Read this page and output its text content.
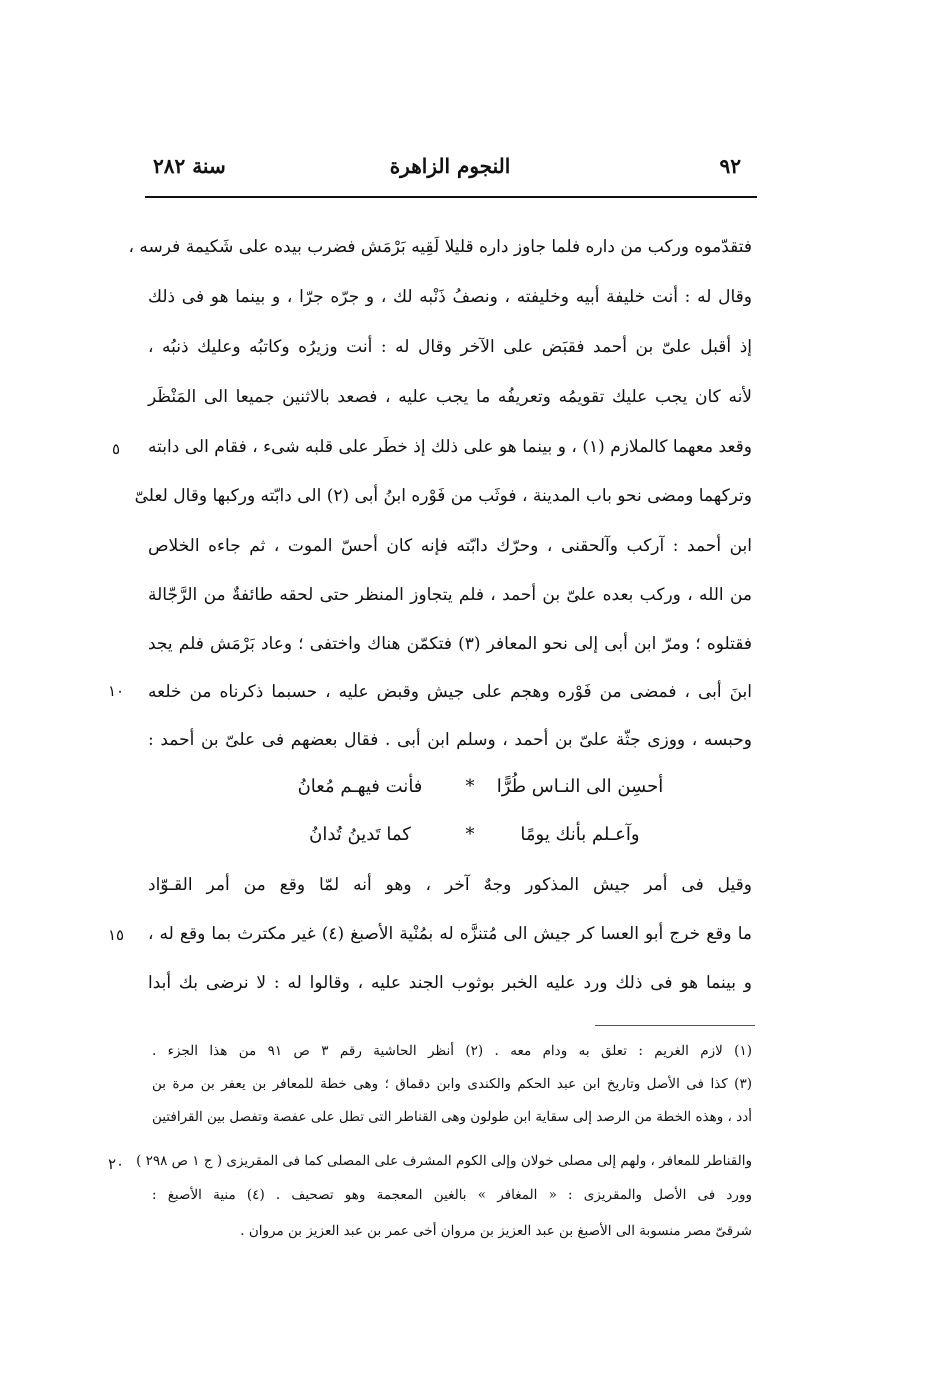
سنة ٢٨٢	النجوم الزاهرة	٩٢
فتقدّموه وركب من داره فلما جاوز داره قليلا لَقِيه بَرْمَش فضرب بيده على شَكيمة فرسه ،
وقال له : أنت خليفة أبيه وخليفته ، ونصفُ ذَنْبه لك ، و جرّه جرّا ، و بينما هو فى ذلك
إذ أقبل علىّ بن أحمد فقبَض على الآخر وقال له : أنت وزيرُه وكاتبُه وعليك ذنبُه ،
لأنه كان يجب عليك تقويمُه وتعريفُه ما يجب عليه ، فصعد بالاثنين جميعا الى المَنْظَر
وقعد معهما كالملازم (١) ، و بينما هو على ذلك إذ خطَر على قلبه شىء ، فقام الى دابته
وتركهما ومضى نحو باب المدينة ، فوثَب من فَوْره ابنُ أبى (٢) الى دابّته وركبها وقال لعلىّ
ابن أحمد : آركب وآلحقنى ، وحرّك دابّته فإنه كان أحسّ الموت ، ثم جاءه الخلاص
من الله ، وركب بعده علىّ بن أحمد ، فلم يتجاوز المنظر حتى لحقه طائفةٌ من الرَّجّالة
فقتلوه ؛ ومرّ ابن أبى إلى نحو المعافر (٣) فتكمّن هناك واختفى ؛ وعاد بَرْمَش فلم يجد
ابنَ أبى ، فمضى من فَوْره وهجم على جيش وقبض عليه ، حسبما ذكرناه من خلعه
وحبسه ، ووزى جثّة علىّ بن أحمد ، وسلم ابن أبى . فقال بعضهم فى علىّ بن أحمد :
أحسِن الى النـاس طُرًّا*فأنت فيهـم مُعانُ
وآعـلم بأنك يومًا*كما تَدينُ تُدانُ
وقيل فى أمر جيش المذكور وجهٌ آخر ، وهو أنه لمّا وقع من أمر القـوّاد
ما وقع خرج أبو العسا كر جيش الى مُتنزَّه له بمُنْية الأصبغ (٤) غير مكترث بما وقع له ،
و بينما هو فى ذلك ورد عليه الخبر بوثوب الجند عليه ، وقالوا له : لا نرضى بك أبدا
٥
١٠
١٥
٢٠
(١) لازم الغريم : تعلق به ودام معه . (٢) أنظر الحاشية رقم ٣ ص ٩١ من هذا الجزء .
(٣) كذا فى الأصل وتاريخ ابن عبد الحكم والكندى وابن دقماق ؛ وهى خطة للمعافر بن يعفر بن مرة بن
أدد ، وهذه الخطة من الرصد إلى سقاية ابن طولون وهى القناطر التى تطل على عفصة وتفصل بين القرافتين
والقناطر للمعافر ، ولهم إلى مصلى خولان وإلى الكوم المشرف على المصلى كما فى المقريزى ( ج ١ ص ٢٩٨ )
وورد فى الأصل والمقريزى : « المغافر » بالغين المعجمة وهو تصحيف . (٤) منية الأصبغ :
شرقىّ مصر منسوبة الى الأصبغ بن عبد العزيز بن مروان أخى عمر بن عبد العزيز بن مروان .
